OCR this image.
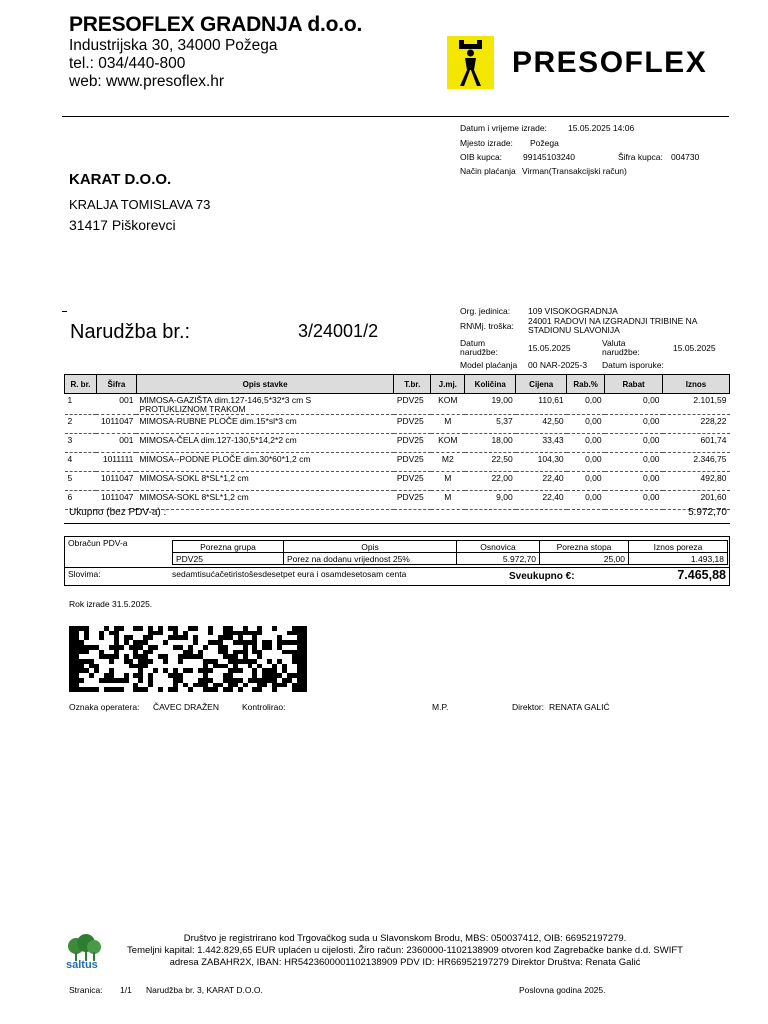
PRESOFLEX GRADNJA d.o.o.
Industrijska 30, 34000 Požega
tel.: 034/440-800
web: www.presoflex.hr
PRESOFLEX
Datum i vrijeme izrade: 15.05.2025 14:06
Mjesto izrade: Požega
OIB kupca: 99145103240	Šifra kupca: 004730
Način plaćanja Virman(Transakcijski račun)
KARAT D.O.O.
KRALJA TOMISLAVA 73
31417 Piškorevci
Org. jedinica: 109 VISOKOGRADNJA
RN\Mj. troška: 24001 RADOVI NA IZGRADNJI TRIBINE NA
STADIONU SLAVONIJA
Datum
narudžbe:	15.05.2025	Valuta
narudžbe:	15.05.2025
Model plaćanja 00 NAR-2025-3 Datum isporuke:
Narudžba br.:	3/24001/2
R. br.	Šifra	Opis stavke	T.br.	J.mj.	Količina	Cijena	Rab.%	Rabat	Iznos
1	001	MIMOSA-GAZIŠTA dim.127-146,5*32*3 cm S
PROTUKLIZNOM TRAKOM	PDV25	KOM	19,00	110,61	0,00	0,00	2.101,59
2	1011047	MIMOSA-RUBNE PLOČE dim.15*sl*3 cm	PDV25	M	5,37	42,50	0,00	0,00	228,22
3	001	MIMOSA-ČELA dim.127-130,5*14,2*2 cm	PDV25	KOM	18,00	33,43	0,00	0,00	601,74
4	1011111	MIMOSA--PODNE PLOČE dim.30*60*1,2 cm	PDV25	M2	22,50	104,30	0,00	0,00	2.346,75
5	1011047	MIMOSA-SOKL 8*SL*1,2 cm	PDV25	M	22,00	22,40	0,00	0,00	492,80
6	1011047	MIMOSA-SOKL 8*SL*1,2 cm	PDV25	M	9,00	22,40	0,00	0,00	201,60
Ukupno (bez PDV-a) :	5.972,70
Obračun PDV-a	Porezna grupa	Opis	Osnovica	Porezna stopa	Iznos poreza
PDV25	Porez na dodanu vrijednost 25%	5.972,70	25,00	1.493,18
Slovima:	sedamtisućačetiristošesdesetpet eura i osamdesetosam centa	Sveukupno €:	7.465,88
Rok izrade 31.5.2025.
Oznaka operatera: ČAVEC DRAŽEN	Kontrolirao:	M.P.	Direktor: RENATA GALIĆ
saltus
Društvo je registrirano kod Trgovačkog suda u Slavonskom Brodu, MBS: 050037412, OIB: 66952197279.
Temeljni kapital: 1.442.829,65 EUR uplaćen u cijelosti. Žiro račun: 2360000-1102138909 otvoren kod Zagrebačke banke d.d. SWIFT
adresa ZABAHR2X, IBAN: HR5423600001102138909 PDV ID: HR66952197279 Direktor Društva: Renata Galić
Stranica: 1/1 Narudžba br. 3, KARAT D.O.O.	Poslovna godina 2025.
